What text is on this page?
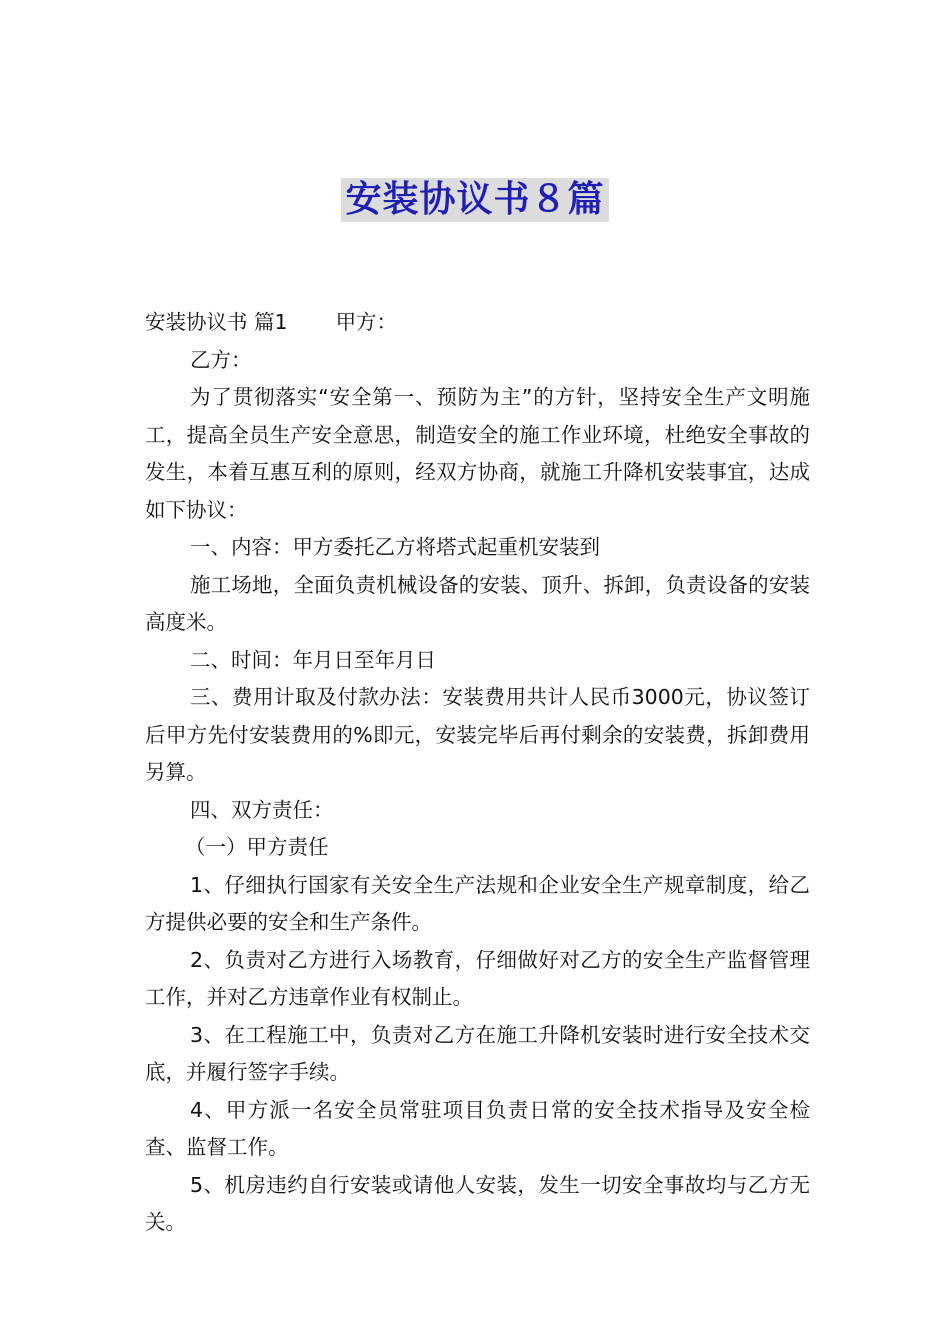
安装协议书８篇

安装协议书 篇1 甲方：

乙方：

为了贯彻落实“安全第一、预防为主”的方针，坚持安全生产文明施工，提高全员生产安全意思，制造安全的施工作业环境，杜绝安全事故的发生，本着互惠互利的原则，经双方协商，就施工升降机安装事宜，达成如下协议：

一、内容：甲方委托乙方将塔式起重机安装到

施工场地，全面负责机械设备的安装、顶升、拆卸，负责设备的安装高度米。

二、时间：年月日至年月日

三、费用计取及付款办法：安装费用共计人民币3000元，协议签订后甲方先付安装费用的%即元，安装完毕后再付剩余的安装费，拆卸费用另算。

四、双方责任：

（一）甲方责任

1、仔细执行国家有关安全生产法规和企业安全生产规章制度，给乙方提供必要的安全和生产条件。

2、负责对乙方进行入场教育，仔细做好对乙方的安全生产监督管理工作，并对乙方违章作业有权制止。

3、在工程施工中，负责对乙方在施工升降机安装时进行安全技术交底，并履行签字手续。

4、甲方派一名安全员常驻项目负责日常的安全技术指导及安全检查、监督工作。

5、机房违约自行安装或请他人安装，发生一切安全事故均与乙方无关。
